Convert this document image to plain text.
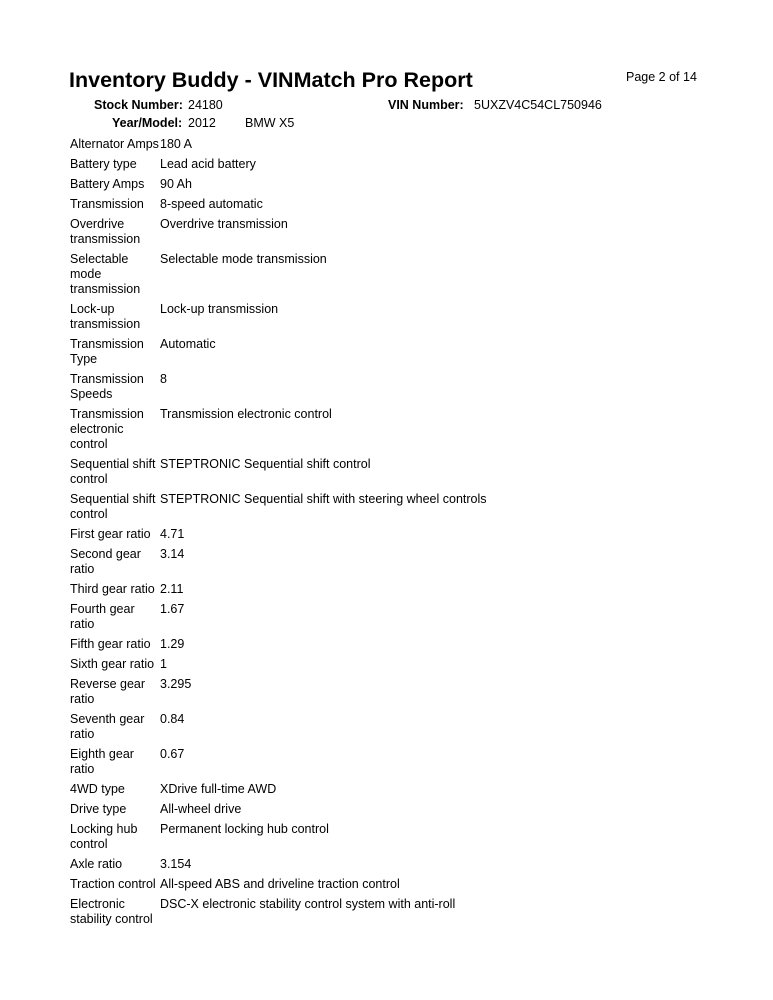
Inventory Buddy - VINMatch Pro Report	Page 2 of 14
Stock Number: 24180	VIN Number: 5UXZV4C54CL750946
Year/Model: 2012 BMW X5
Alternator Amps	180 A
Battery type	Lead acid battery
Battery Amps	90 Ah
Transmission	8-speed automatic
Overdrive transmission	Overdrive transmission
Selectable mode transmission	Selectable mode transmission
Lock-up transmission	Lock-up transmission
Transmission Type	Automatic
Transmission Speeds	8
Transmission electronic control	Transmission electronic control
Sequential shift control	STEPTRONIC Sequential shift control
Sequential shift control	STEPTRONIC Sequential shift with steering wheel controls
First gear ratio	4.71
Second gear ratio	3.14
Third gear ratio	2.11
Fourth gear ratio	1.67
Fifth gear ratio	1.29
Sixth gear ratio	1
Reverse gear ratio	3.295
Seventh gear ratio	0.84
Eighth gear ratio	0.67
4WD type	XDrive full-time AWD
Drive type	All-wheel drive
Locking hub control	Permanent locking hub control
Axle ratio	3.154
Traction control	All-speed ABS and driveline traction control
Electronic stability control	DSC-X electronic stability control system with anti-roll
